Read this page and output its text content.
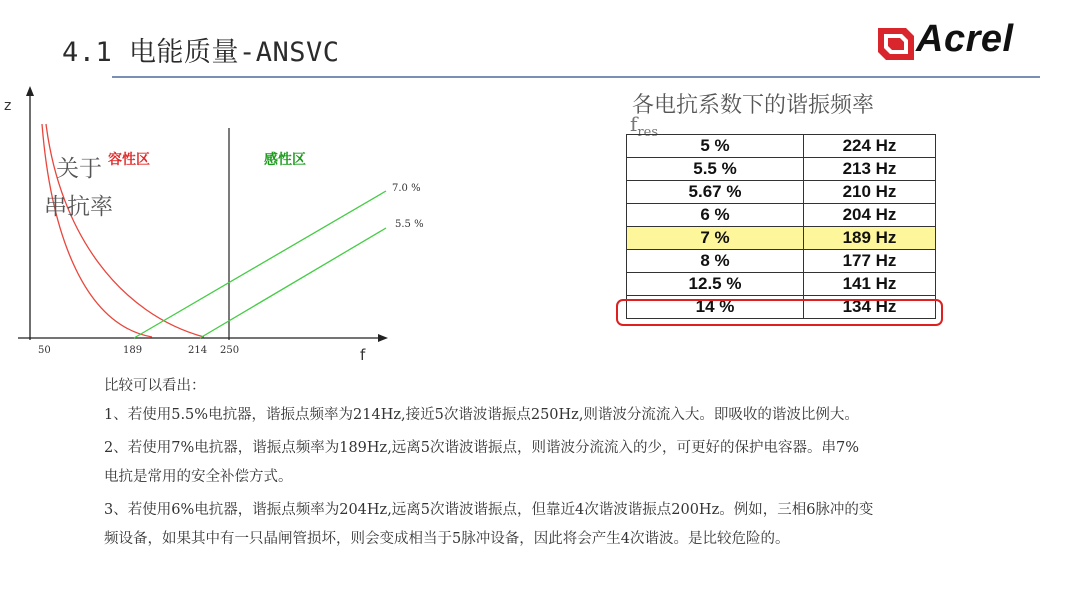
4.1 电能质量-ANSVC	Acrel
z
f
7.0 %
5.5 %
容性区	感性区
关于
串抗率
50	189	214 250
各电抗系数下的谐振频率
$f_{res}$
5 %	224 Hz
5.5 %	213 Hz
5.67 %	210 Hz
6 %	204 Hz
7 %	189 Hz
8 %	177 Hz
12.5 %	141 Hz
14 %	134 Hz

比较可以看出：

1、若使用5.5%电抗器，谐振点频率为214Hz,接近5次谐波谐振点250Hz,则谐波分流流入大。即吸收的谐波比例大。

2、若使用7%电抗器，谐振点频率为189Hz,远离5次谐波谐振点，则谐波分流流入的少，可更好的保护电容器。串7%

电抗是常用的安全补偿方式。

3、若使用6%电抗器，谐振点频率为204Hz,远离5次谐波谐振点，但靠近4次谐波谐振点200Hz。例如，三相6脉冲的变

频设备，如果其中有一只晶闸管损坏，则会变成相当于5脉冲设备，因此将会产生4次谐波。是比较危险的。
